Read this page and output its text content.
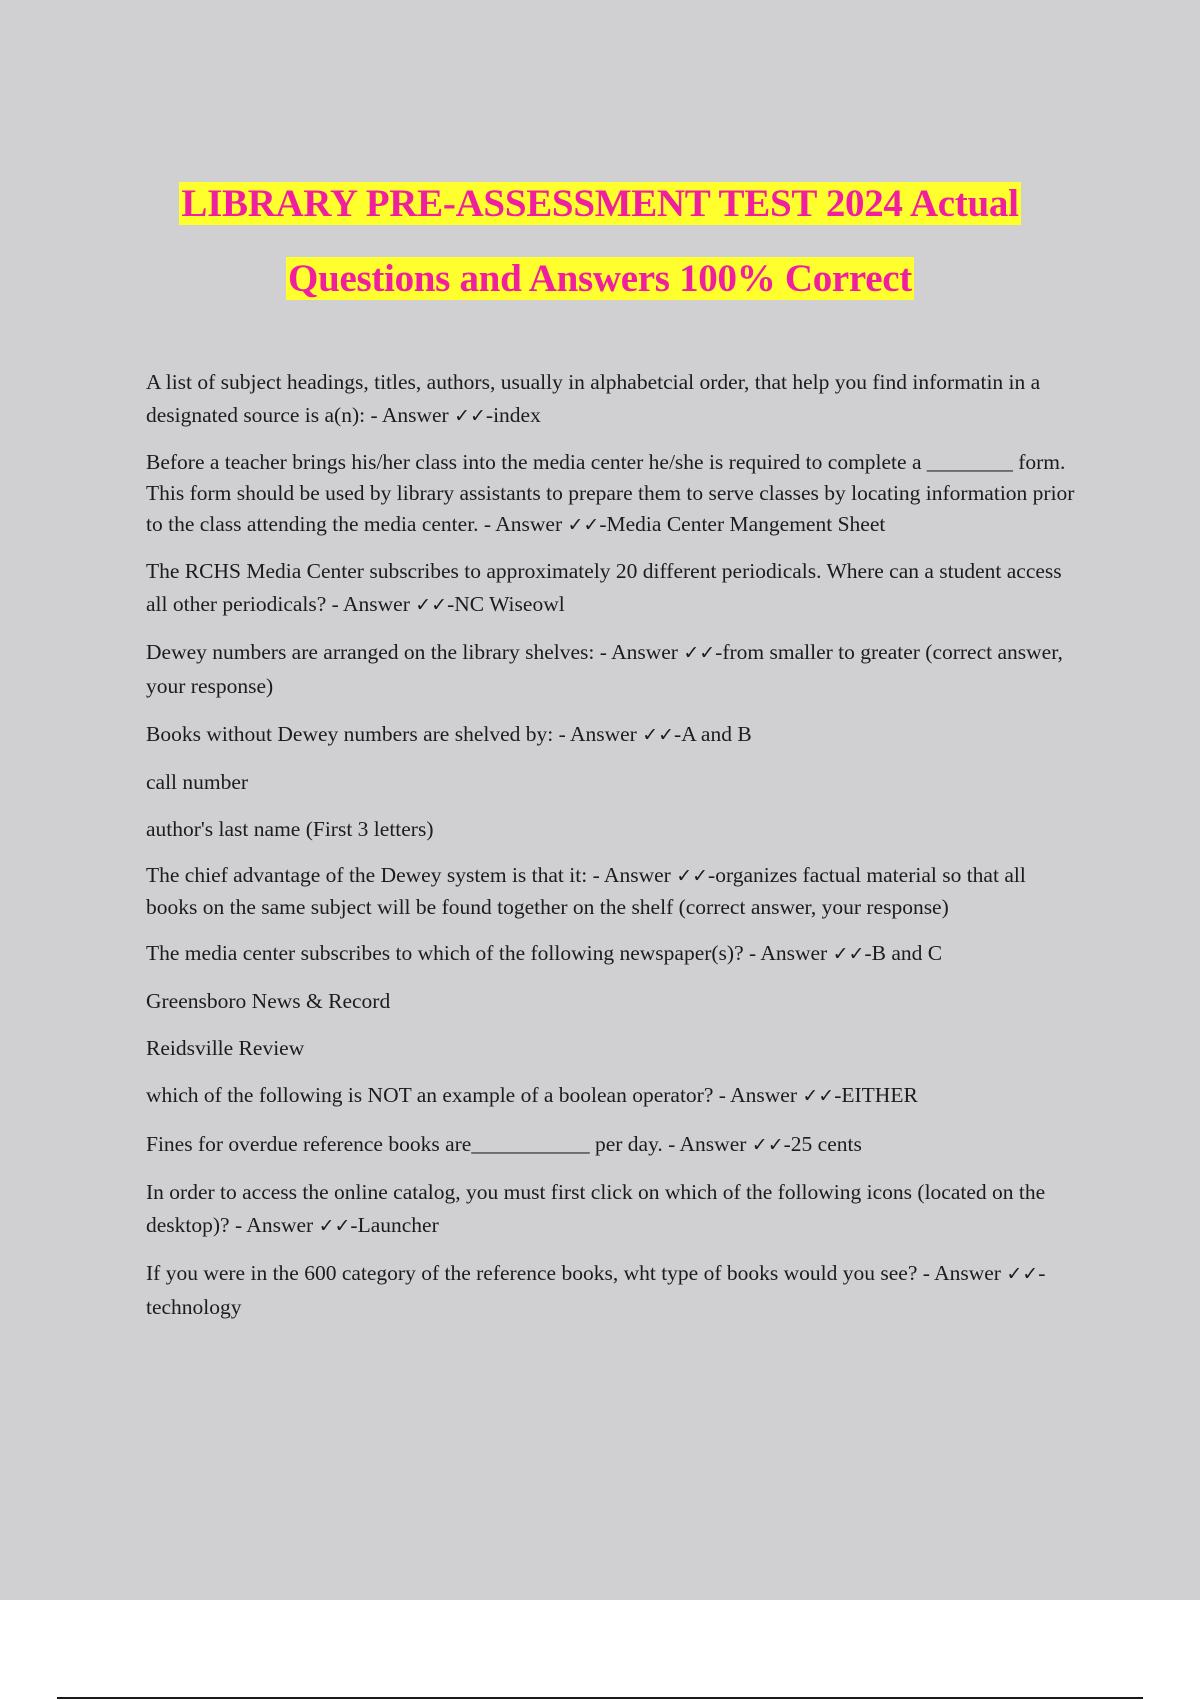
LIBRARY PRE-ASSESSMENT TEST 2024 Actual
Questions and Answers 100% Correct

A list of subject headings, titles, authors, usually in alphabetcial order, that help you find informatin in a designated source is a(n): - Answer ✓✓-index

Before a teacher brings his/her class into the media center he/she is required to complete a ________ form. This form should be used by library assistants to prepare them to serve classes by locating information prior to the class attending the media center. - Answer ✓✓-Media Center Mangement Sheet

The RCHS Media Center subscribes to approximately 20 different periodicals. Where can a student access all other periodicals? - Answer ✓✓-NC Wiseowl

Dewey numbers are arranged on the library shelves: - Answer ✓✓-from smaller to greater (correct answer, your response)

Books without Dewey numbers are shelved by: - Answer ✓✓-A and B

call number

author's last name (First 3 letters)

The chief advantage of the Dewey system is that it: - Answer ✓✓-organizes factual material so that all books on the same subject will be found together on the shelf (correct answer, your response)

The media center subscribes to which of the following newspaper(s)? - Answer ✓✓-B and C

Greensboro News & Record

Reidsville Review

which of the following is NOT an example of a boolean operator? - Answer ✓✓-EITHER

Fines for overdue reference books are___________ per day. - Answer ✓✓-25 cents

In order to access the online catalog, you must first click on which of the following icons (located on the desktop)? - Answer ✓✓-Launcher

If you were in the 600 category of the reference books, wht type of books would you see? - Answer ✓✓-technology
